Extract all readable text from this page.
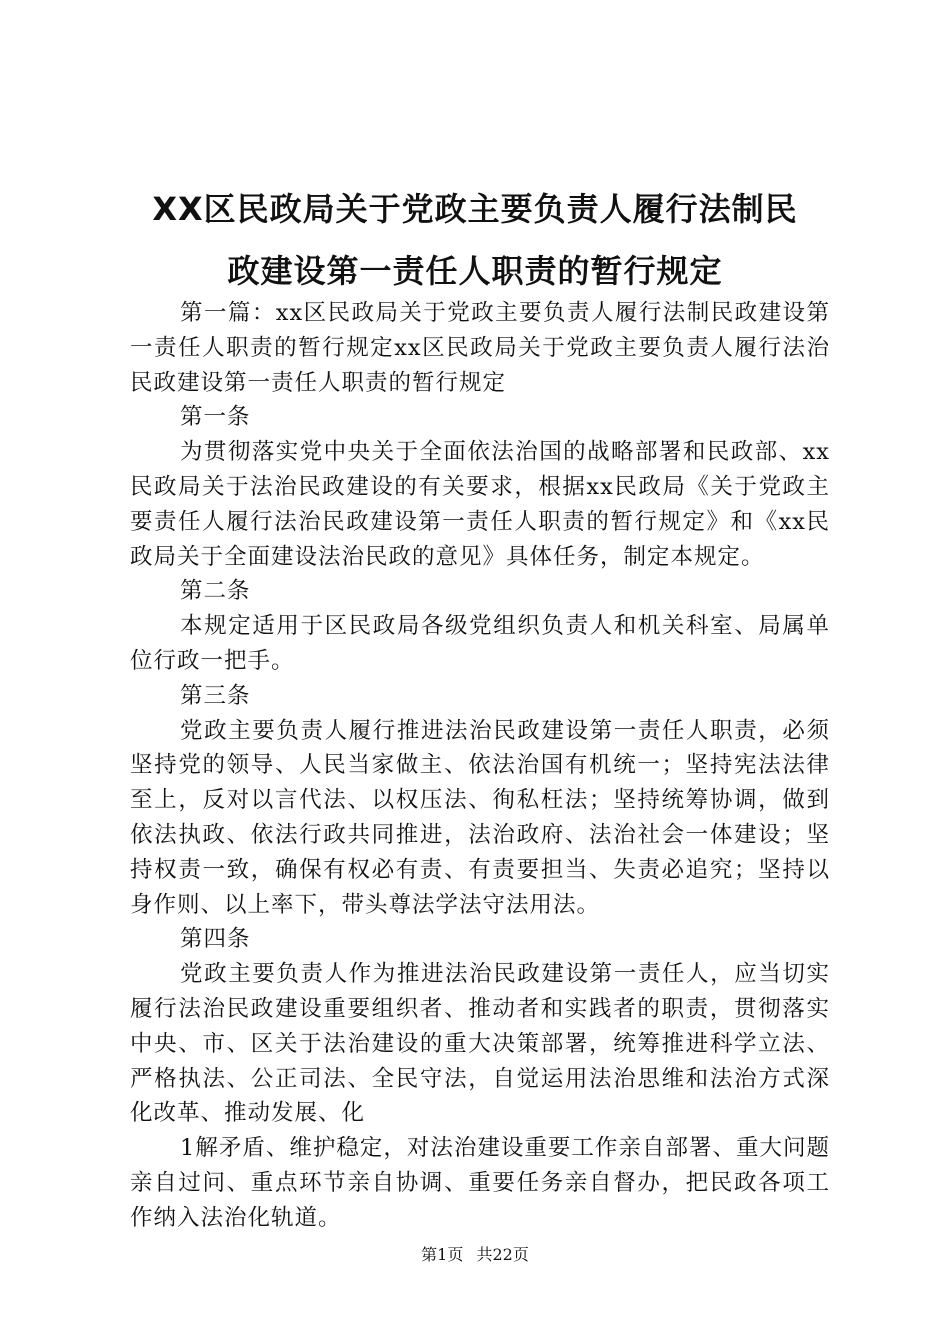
XX区民政局关于党政主要负责人履行法制民
政建设第一责任人职责的暂行规定

第一篇：xx区民政局关于党政主要负责人履行法制民政建设第一责任人职责的暂行规定xx区民政局关于党政主要负责人履行法治民政建设第一责任人职责的暂行规定

第一条

为贯彻落实党中央关于全面依法治国的战略部署和民政部、xx民政局关于法治民政建设的有关要求，根据xx民政局《关于党政主要责任人履行法治民政建设第一责任人职责的暂行规定》和《xx民政局关于全面建设法治民政的意见》具体任务，制定本规定。

第二条

本规定适用于区民政局各级党组织负责人和机关科室、局属单位行政一把手。

第三条

党政主要负责人履行推进法治民政建设第一责任人职责，必须坚持党的领导、人民当家做主、依法治国有机统一；坚持宪法法律至上，反对以言代法、以权压法、徇私枉法；坚持统筹协调，做到依法执政、依法行政共同推进，法治政府、法治社会一体建设；坚持权责一致，确保有权必有责、有责要担当、失责必追究；坚持以身作则、以上率下，带头尊法学法守法用法。

第四条

党政主要负责人作为推进法治民政建设第一责任人，应当切实履行法治民政建设重要组织者、推动者和实践者的职责，贯彻落实中央、市、区关于法治建设的重大决策部署，统筹推进科学立法、严格执法、公正司法、全民守法，自觉运用法治思维和法治方式深化改革、推动发展、化

1解矛盾、维护稳定，对法治建设重要工作亲自部署、重大问题亲自过问、重点环节亲自协调、重要任务亲自督办，把民政各项工作纳入法治化轨道。

第1页 共22页
